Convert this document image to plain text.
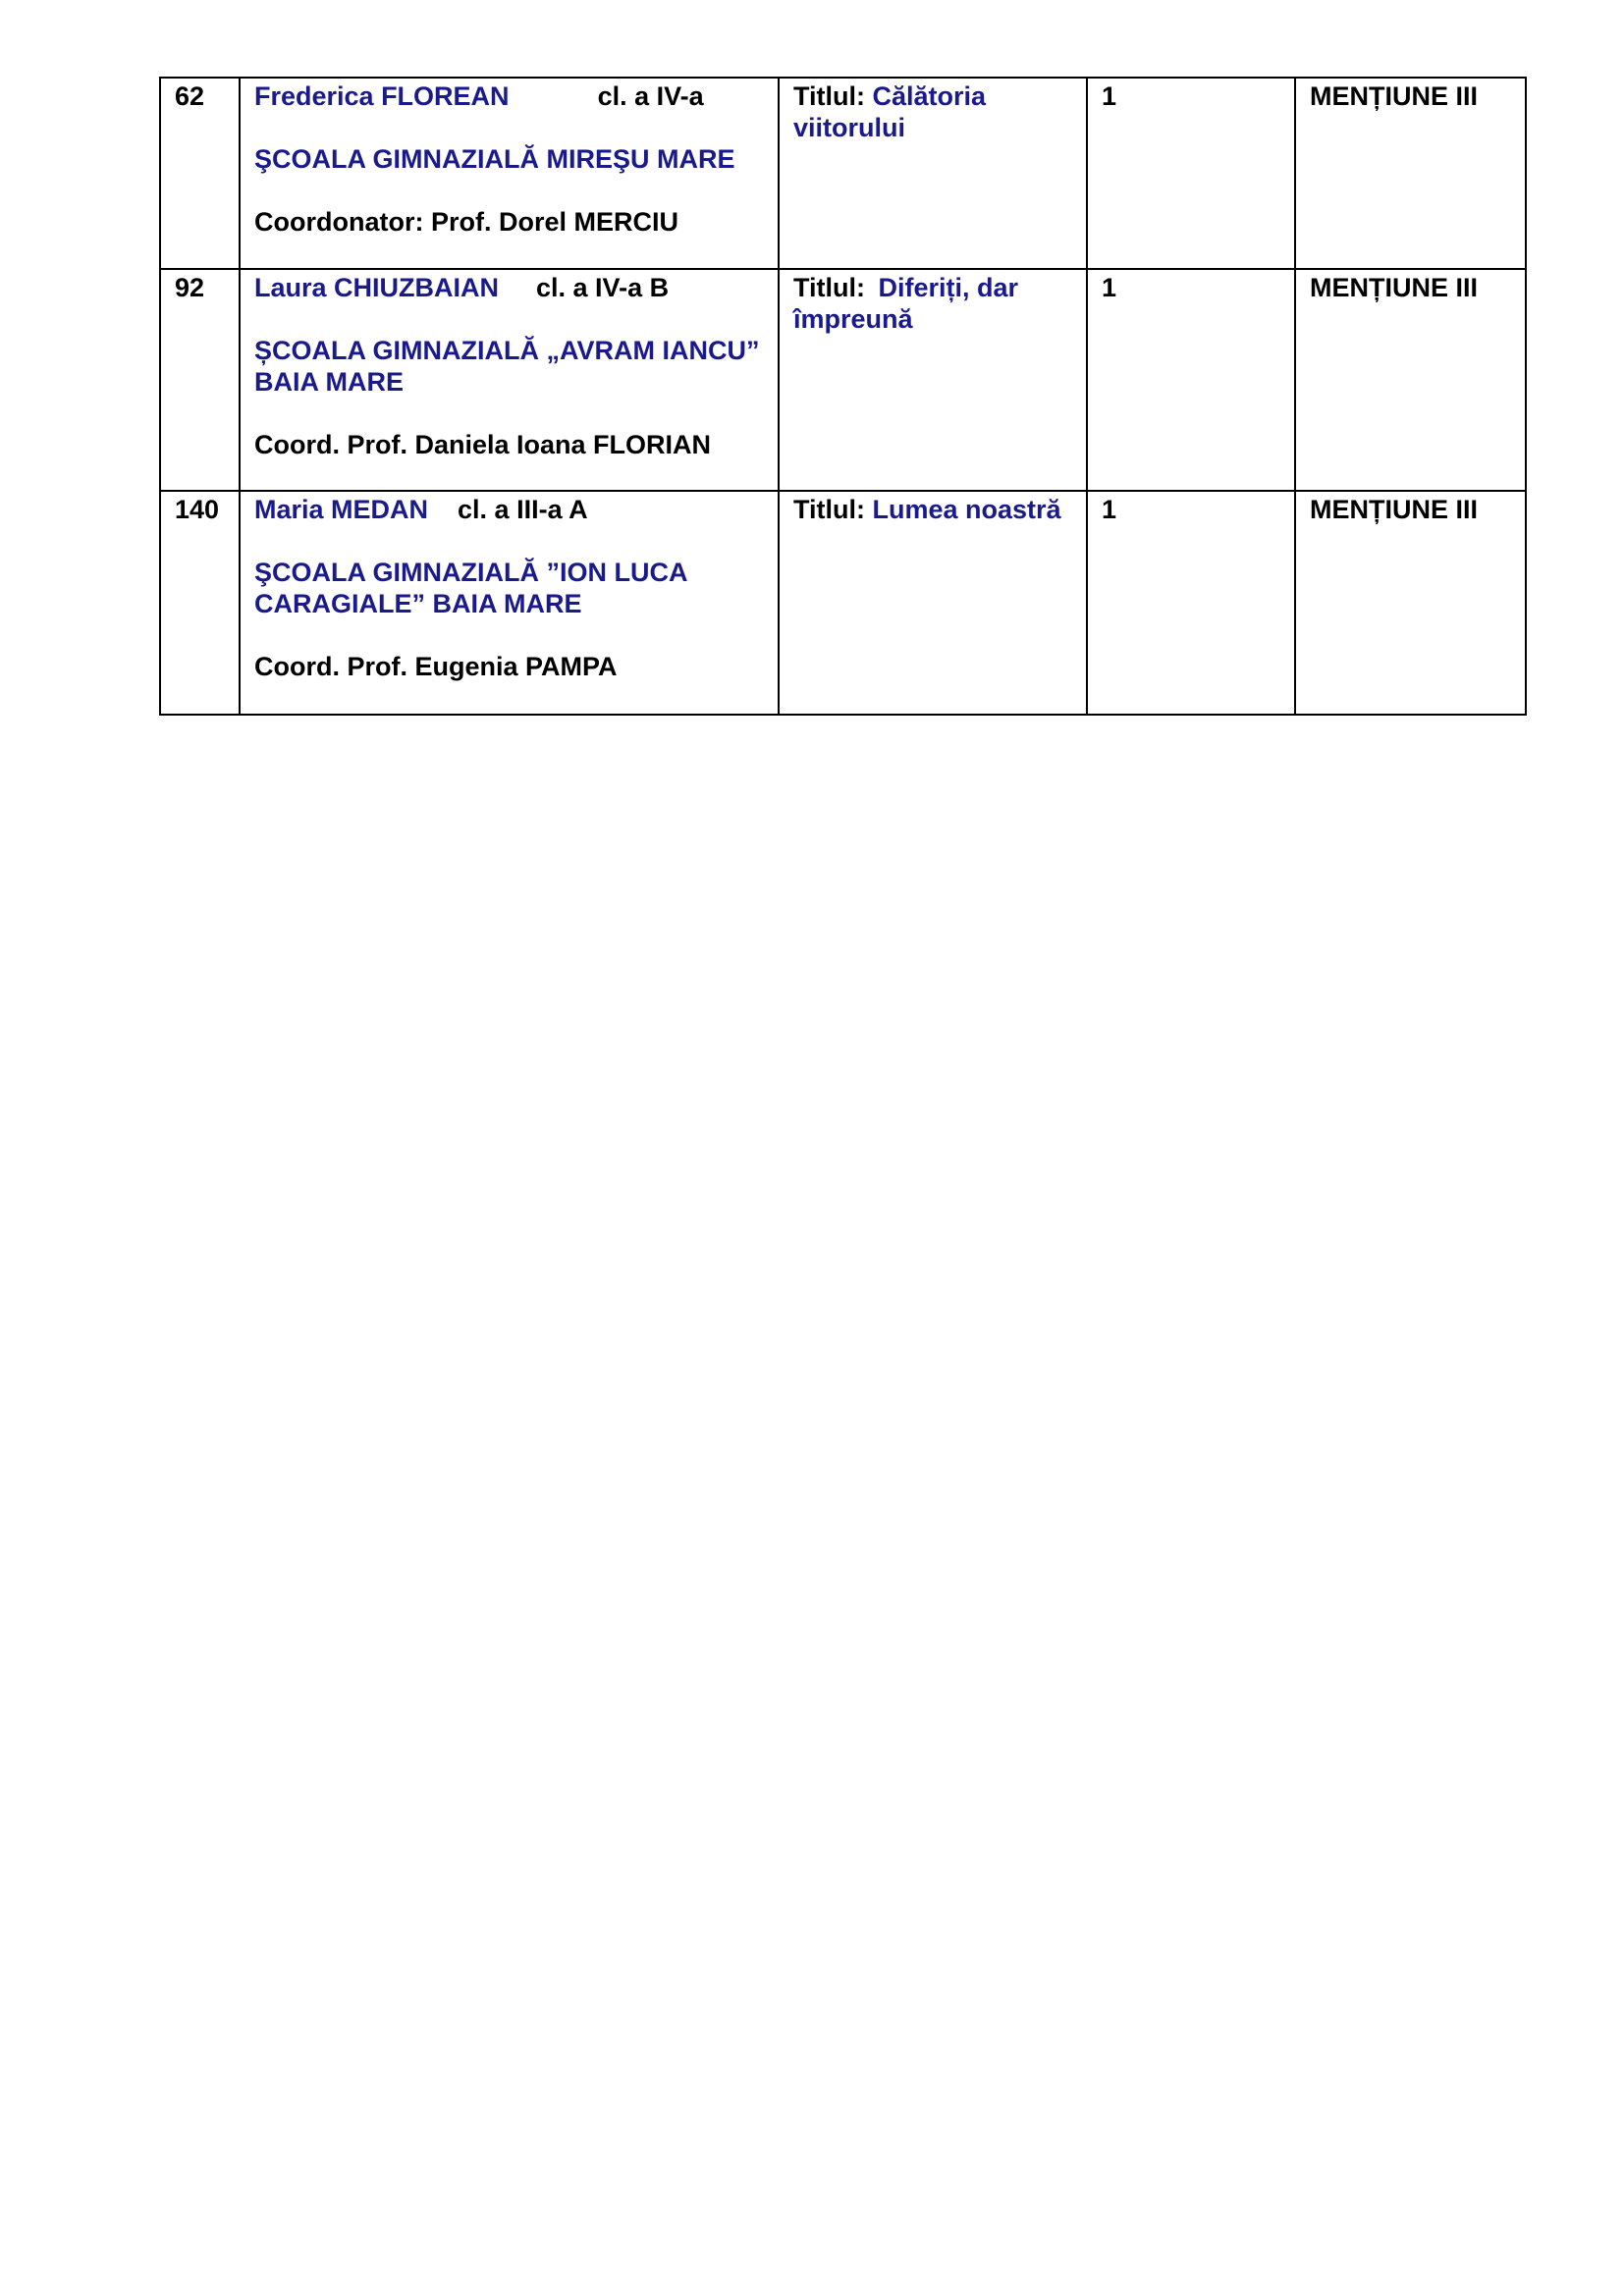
62	Frederica FLOREAN cl. a IV-a
ŞCOALA GIMNAZIALĂ MIREŞU MARE
Coordonator: Prof. Dorel MERCIU	Titlul: Călătoria viitorului	1	MENȚIUNE III
92	Laura CHIUZBAIAN cl. a IV-a B
ȘCOALA GIMNAZIALĂ „AVRAM IANCU” BAIA MARE
Coord. Prof. Daniela Ioana FLORIAN	Titlul: Diferiți, dar împreună	1	MENȚIUNE III
140	Maria MEDAN cl. a III-a A
ŞCOALA GIMNAZIALĂ ”ION LUCA CARAGIALE” BAIA MARE
Coord. Prof. Eugenia PAMPA	Titlul: Lumea noastră	1	MENȚIUNE III
